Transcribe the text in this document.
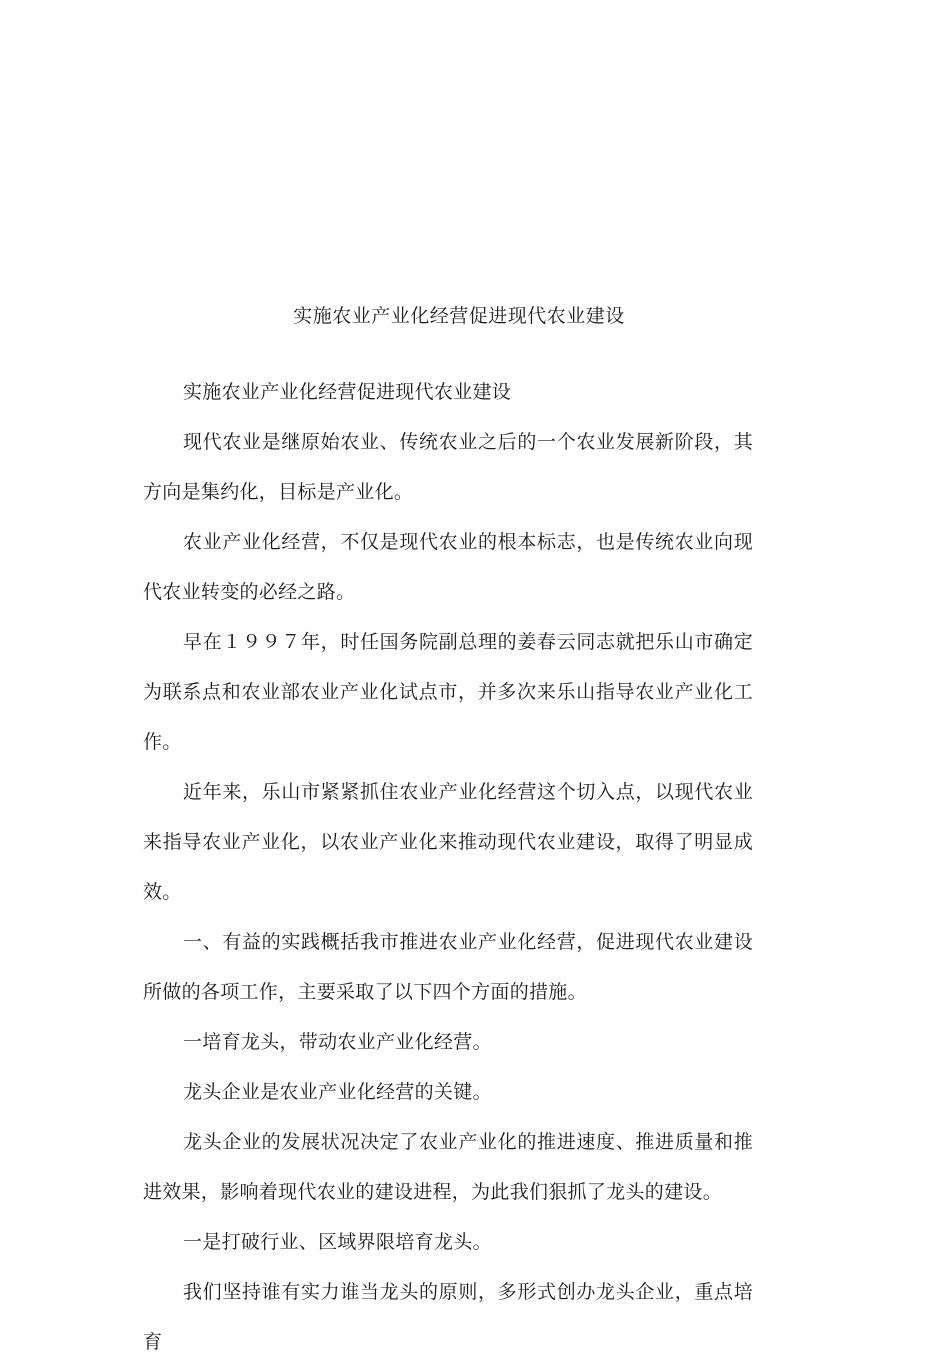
实施农业产业化经营促进现代农业建设

实施农业产业化经营促进现代农业建设

现代农业是继原始农业、传统农业之后的一个农业发展新阶段，其方向是集约化，目标是产业化。

农业产业化经营，不仅是现代农业的根本标志，也是传统农业向现代农业转变的必经之路。

早在１９９７年，时任国务院副总理的姜春云同志就把乐山市确定为联系点和农业部农业产业化试点市，并多次来乐山指导农业产业化工作。

近年来，乐山市紧紧抓住农业产业化经营这个切入点，以现代农业来指导农业产业化，以农业产业化来推动现代农业建设，取得了明显成效。

一、有益的实践概括我市推进农业产业化经营，促进现代农业建设所做的各项工作，主要采取了以下四个方面的措施。

一培育龙头，带动农业产业化经营。

龙头企业是农业产业化经营的关键。

龙头企业的发展状况决定了农业产业化的推进速度、推进质量和推进效果，影响着现代农业的建设进程，为此我们狠抓了龙头的建设。

一是打破行业、区域界限培育龙头。

我们坚持谁有实力谁当龙头的原则，多形式创办龙头企业，重点培育
